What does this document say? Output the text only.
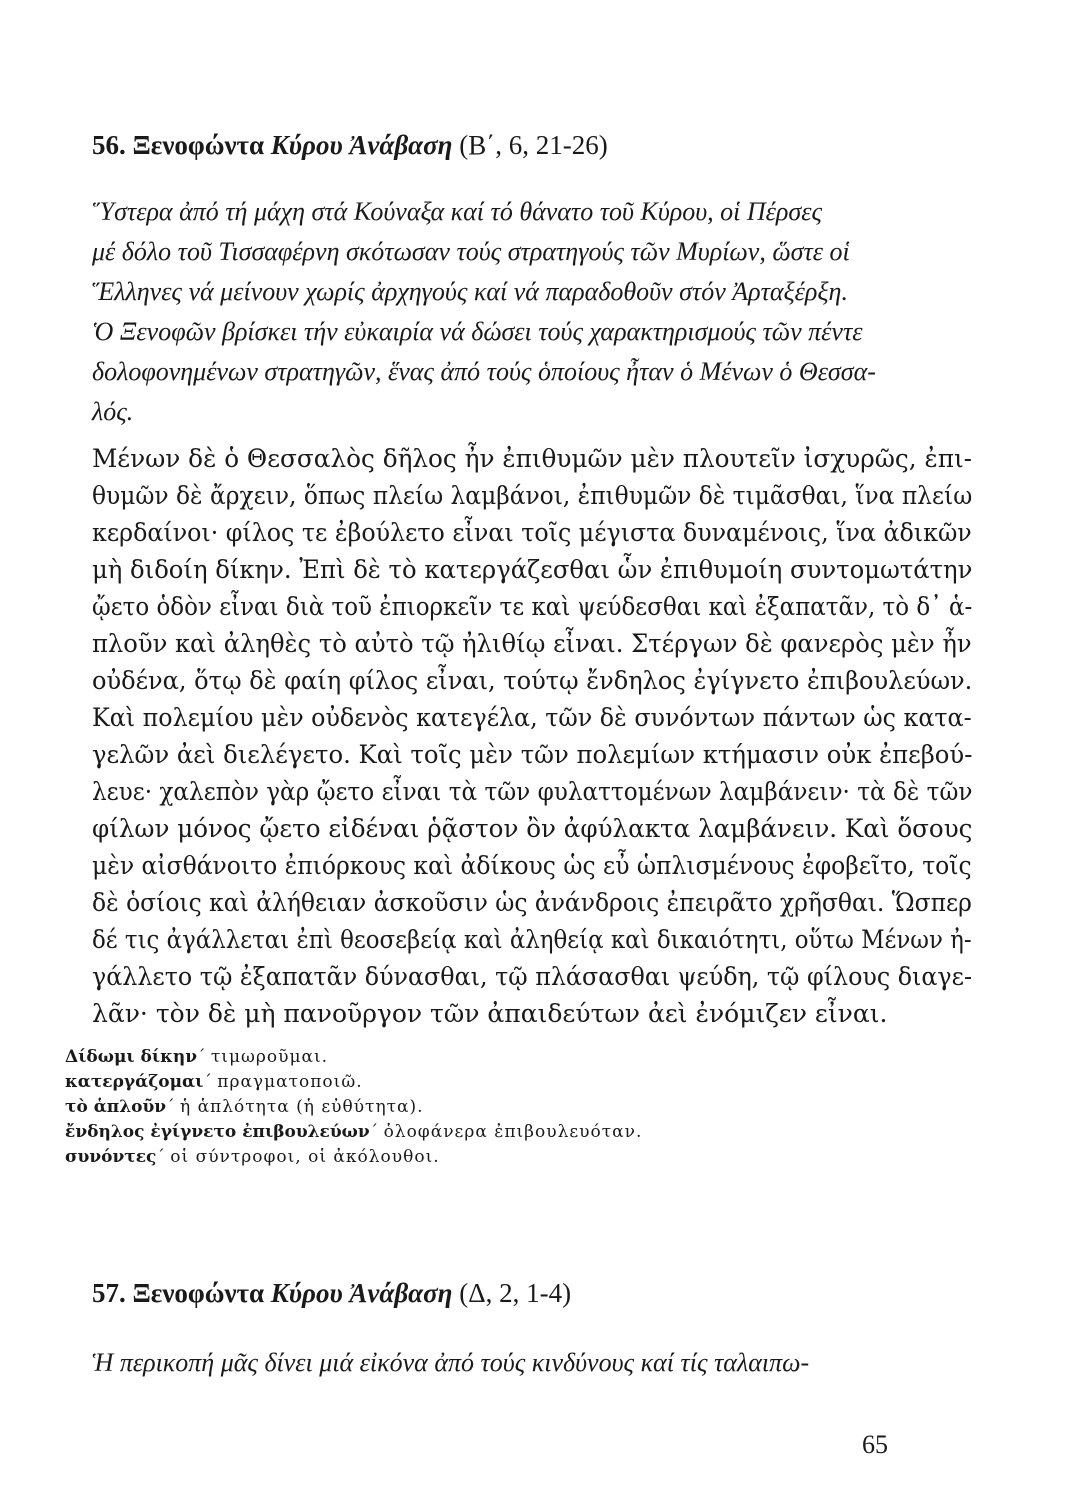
56. Ξενοφώντα Κύρου Ἀνάβαση (Β΄, 6, 21-26)
Ὕστερα ἀπό τή μάχη στά Κούναξα καί τό θάνατο τοῦ Κύρου, οἱ Πέρσες
μέ δόλο τοῦ Τισσαφέρνη σκότωσαν τούς στρατηγούς τῶν Μυρίων, ὥστε οἱ
Ἕλληνες νά μείνουν χωρίς ἀρχηγούς καί νά παραδοθοῦν στόν Ἀρταξέρξη.
Ὁ Ξενοφῶν βρίσκει τήν εὐκαιρία νά δώσει τούς χαρακτηρισμούς τῶν πέντε
δολοφονημένων στρατηγῶν, ἕνας ἀπό τούς ὁποίους ἦταν ὁ Μένων ὁ Θεσσα-
λός.
Μένων δὲ ὁ Θεσσαλὸς δῆλος ἦν ἐπιθυμῶν μὲν πλουτεῖν ἰσχυρῶς, ἐπι-
θυμῶν δὲ ἄρχειν, ὅπως πλείω λαμβάνοι, ἐπιθυμῶν δὲ τιμᾶσθαι, ἵνα πλείω
κερδαίνοι· φίλος τε ἐβούλετο εἶναι τοῖς μέγιστα δυναμένοις, ἵνα ἀδικῶν
μὴ διδοίη δίκην. Ἐπὶ δὲ τὸ κατεργάζεσθαι ὧν ἐπιθυμοίη συντομωτάτην
ᾤετο ὁδὸν εἶναι διὰ τοῦ ἐπιορκεῖν τε καὶ ψεύδεσθαι καὶ ἐξαπατᾶν, τὸ δ᾽ ἁ-
πλοῦν καὶ ἀληθὲς τὸ αὐτὸ τῷ ἠλιθίῳ εἶναι. Στέργων δὲ φανερὸς μὲν ἦν
οὐδένα, ὅτῳ δὲ φαίη φίλος εἶναι, τούτῳ ἔνδηλος ἐγίγνετο ἐπιβουλεύων.
Καὶ πολεμίου μὲν οὐδενὸς κατεγέλα, τῶν δὲ συνόντων πάντων ὡς κατα-
γελῶν ἀεὶ διελέγετο. Καὶ τοῖς μὲν τῶν πολεμίων κτήμασιν οὐκ ἐπεβού-
λευε· χαλεπὸν γὰρ ᾤετο εἶναι τὰ τῶν φυλαττομένων λαμβάνειν· τὰ δὲ τῶν
φίλων μόνος ᾤετο εἰδέναι ῥᾷστον ὂν ἀφύλακτα λαμβάνειν. Καὶ ὅσους
μὲν αἰσθάνοιτο ἐπιόρκους καὶ ἀδίκους ὡς εὖ ὡπλισμένους ἐφοβεῖτο, τοῖς
δὲ ὁσίοις καὶ ἀλήθειαν ἀσκοῦσιν ὡς ἀνάνδροις ἐπειρᾶτο χρῆσθαι. Ὥσπερ
δέ τις ἀγάλλεται ἐπὶ θεοσεβείᾳ καὶ ἀληθείᾳ καὶ δικαιότητι, οὕτω Μένων ἠ-
γάλλετο τῷ ἐξαπατᾶν δύνασθαι, τῷ πλάσασθαι ψεύδη, τῷ φίλους διαγε-
λᾶν· τὸν δὲ μὴ πανοῦργον τῶν ἀπαιδεύτων ἀεὶ ἐνόμιζεν εἶναι.
Δίδωμι δίκην΄ τιμωροῦμαι.
κατεργάζομαι΄ πραγματοποιῶ.
τὸ ἁπλοῦν΄ ἡ ἁπλότητα (ἡ εὐθύτητα).
ἔνδηλος ἐγίγνετο ἐπιβουλεύων΄ ὁλοφάνερα ἐπιβουλευόταν.
συνόντες΄ οἱ σύντροφοι, οἱ ἀκόλουθοι.
57. Ξενοφώντα Κύρου Ἀνάβαση (Δ, 2, 1-4)
Ἡ περικοπή μᾶς δίνει μιά εἰκόνα ἀπό τούς κινδύνους καί τίς ταλαιπω-
65
